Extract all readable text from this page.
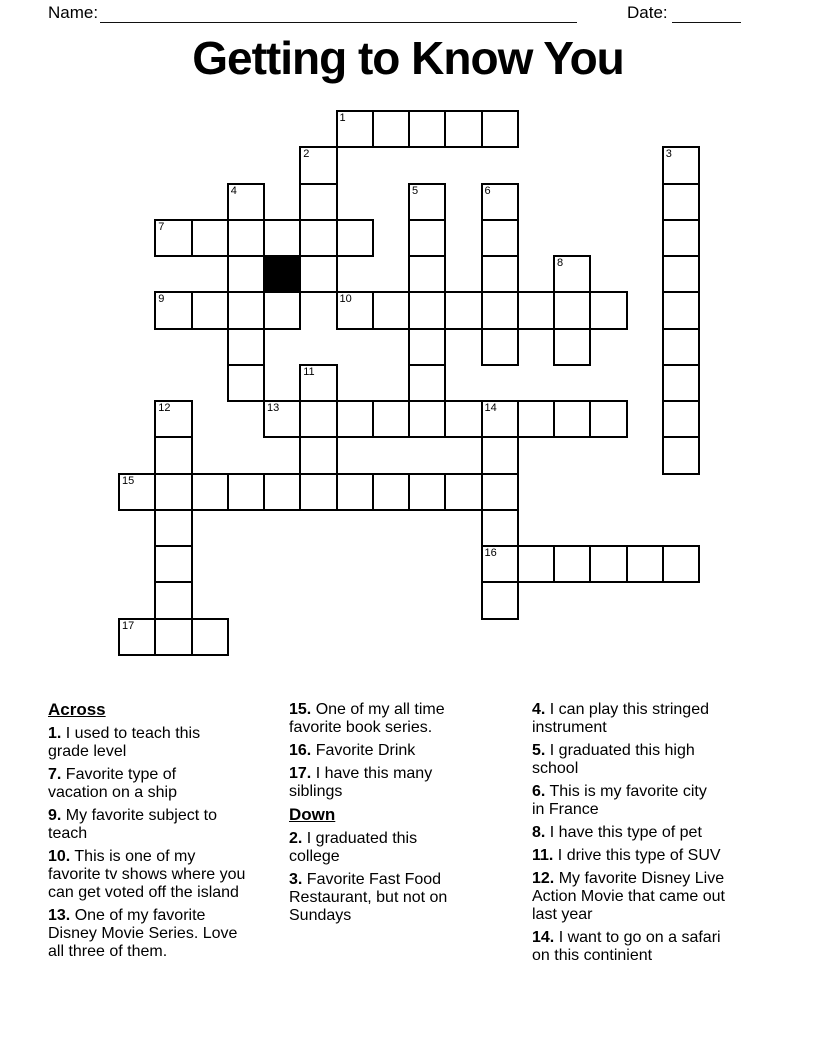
Name:	Date:
Getting to Know You
1
2	3
4	5	6
7
8
9	10
11
12	13	14
15
16
17
Across
1. I used to teach this
grade level
7. Favorite type of
vacation on a ship
9. My favorite subject to
teach
10. This is one of my
favorite tv shows where you
can get voted off the island
13. One of my favorite
Disney Movie Series. Love
all three of them.
15. One of my all time
favorite book series.
16. Favorite Drink
17. I have this many
siblings
Down
2. I graduated this
college
3. Favorite Fast Food
Restaurant, but not on
Sundays
4. I can play this stringed
instrument
5. I graduated this high
school
6. This is my favorite city
in France
8. I have this type of pet
11. I drive this type of SUV
12. My favorite Disney Live
Action Movie that came out
last year
14. I want to go on a safari
on this continient
